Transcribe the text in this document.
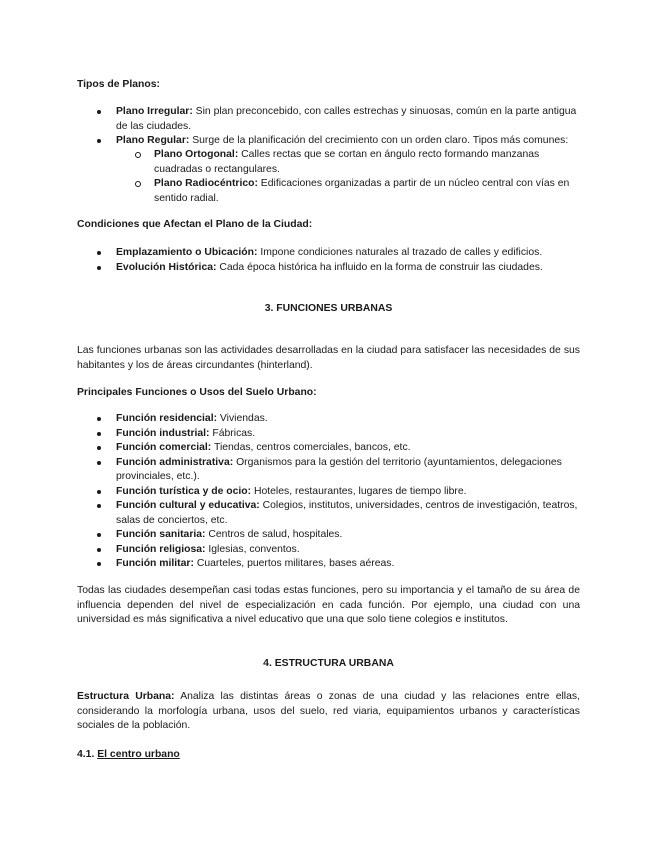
Tipos de Planos:

Plano Irregular: Sin plan preconcebido, con calles estrechas y sinuosas, común en la parte antigua de las ciudades.
Plano Regular: Surge de la planificación del crecimiento con un orden claro. Tipos más comunes:
Plano Ortogonal: Calles rectas que se cortan en ángulo recto formando manzanas cuadradas o rectangulares.
Plano Radiocéntrico: Edificaciones organizadas a partir de un núcleo central con vías en sentido radial.

Condiciones que Afectan el Plano de la Ciudad:

Emplazamiento o Ubicación: Impone condiciones naturales al trazado de calles y edificios.
Evolución Histórica: Cada época histórica ha influido en la forma de construir las ciudades.

3. FUNCIONES URBANAS

Las funciones urbanas son las actividades desarrolladas en la ciudad para satisfacer las necesidades de sus habitantes y los de áreas circundantes (hinterland).

Principales Funciones o Usos del Suelo Urbano:

Función residencial: Viviendas.
Función industrial: Fábricas.
Función comercial: Tiendas, centros comerciales, bancos, etc.
Función administrativa: Organismos para la gestión del territorio (ayuntamientos, delegaciones provinciales, etc.).
Función turística y de ocio: Hoteles, restaurantes, lugares de tiempo libre.
Función cultural y educativa: Colegios, institutos, universidades, centros de investigación, teatros, salas de conciertos, etc.
Función sanitaria: Centros de salud, hospitales.
Función religiosa: Iglesias, conventos.
Función militar: Cuarteles, puertos militares, bases aéreas.

Todas las ciudades desempeñan casi todas estas funciones, pero su importancia y el tamaño de su área de influencia dependen del nivel de especialización en cada función. Por ejemplo, una ciudad con una universidad es más significativa a nivel educativo que una que solo tiene colegios e institutos.

4. ESTRUCTURA URBANA

Estructura Urbana: Analiza las distintas áreas o zonas de una ciudad y las relaciones entre ellas, considerando la morfología urbana, usos del suelo, red viaria, equipamientos urbanos y características sociales de la población.

4.1. El centro urbano
